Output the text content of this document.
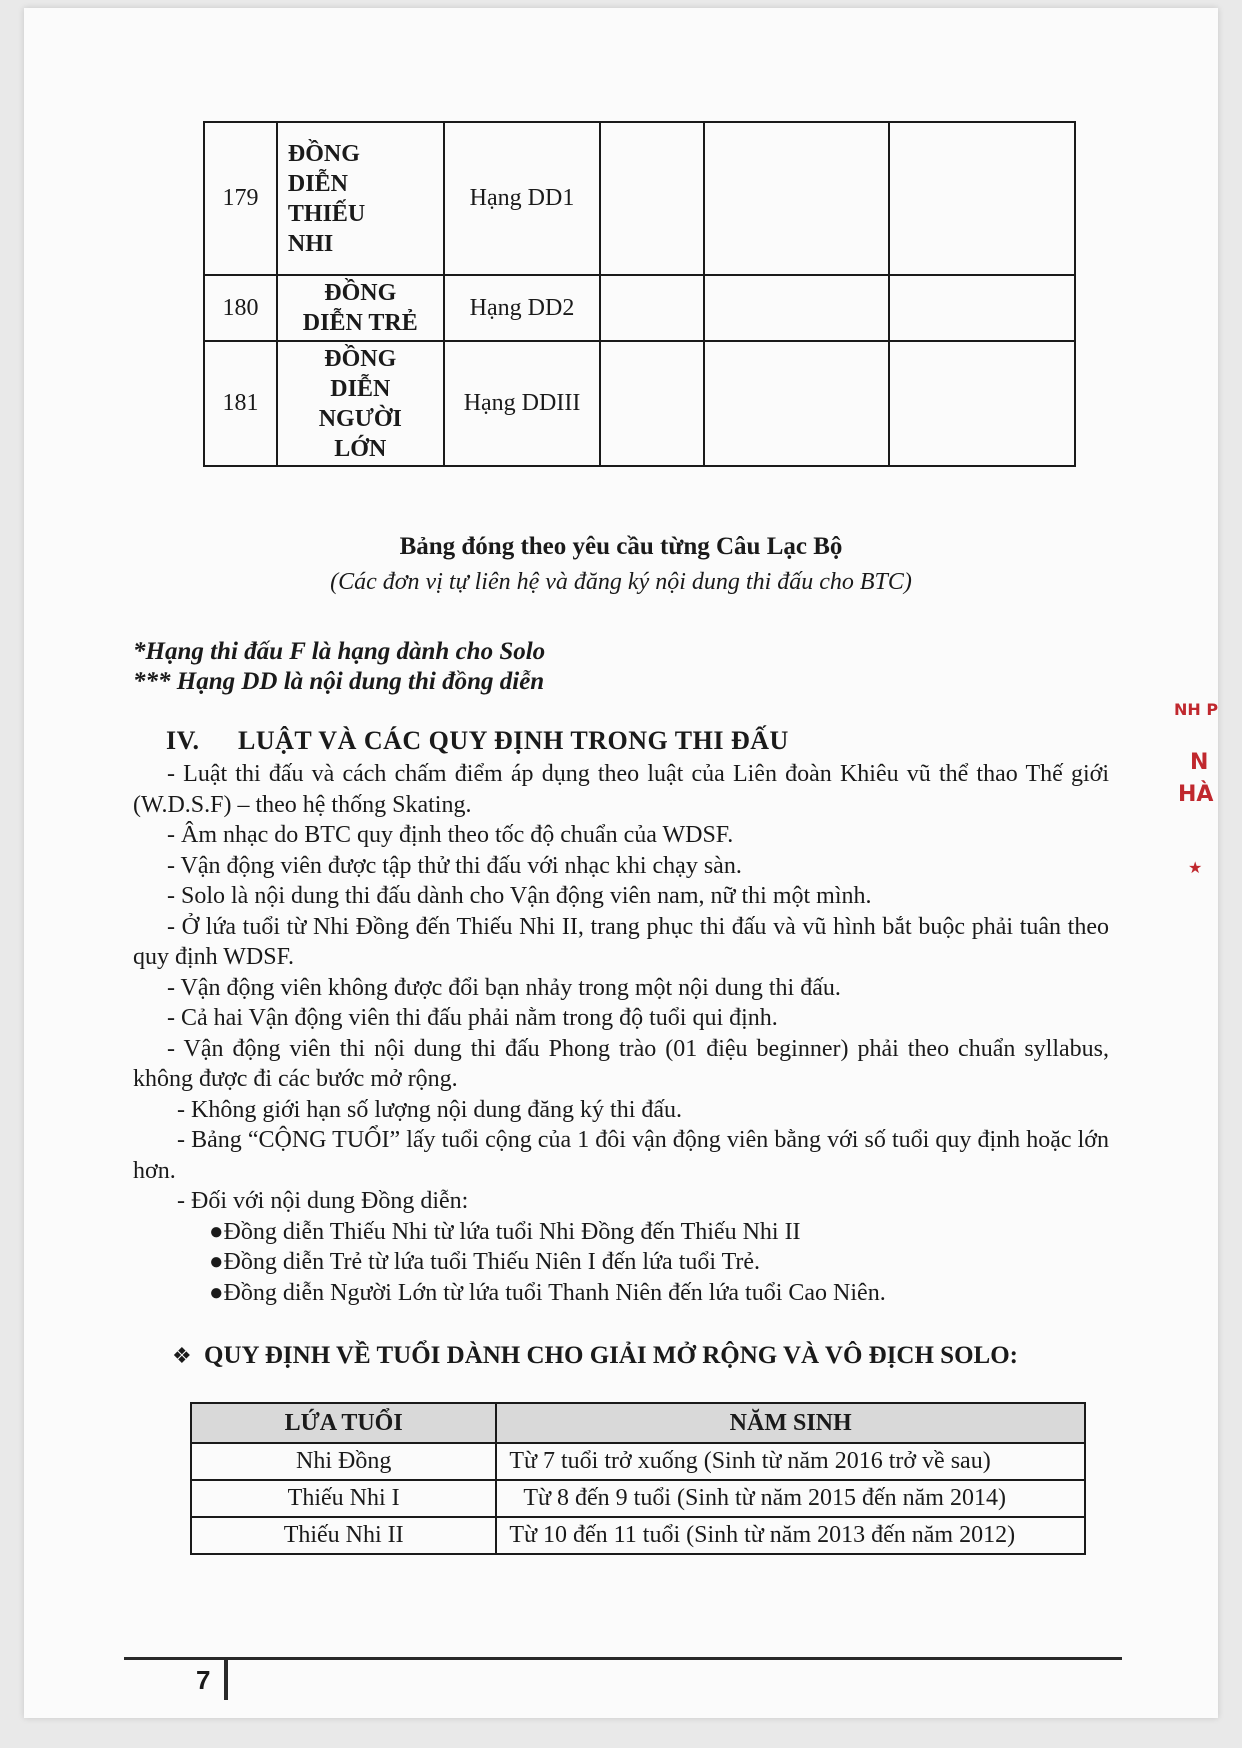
NH P
N
HÀ
★
179	ĐỒNG
DIỄN
THIẾU
NHI	Hạng DD1			
180	ĐỒNG
DIỄN TRẺ	Hạng DD2			
181	ĐỒNG
DIỄN
NGƯỜI
LỚN	Hạng DDIII			
Bảng đóng theo yêu cầu từng Câu Lạc Bộ
(Các đơn vị tự liên hệ và đăng ký nội dung thi đấu cho BTC)
*Hạng thi đấu F là hạng dành cho Solo
*** Hạng DD là nội dung thi đồng diễn
IV. LUẬT VÀ CÁC QUY ĐỊNH TRONG THI ĐẤU

- Luật thi đấu và cách chấm điểm áp dụng theo luật của Liên đoàn Khiêu vũ thể thao Thế giới (W.D.S.F) – theo hệ thống Skating.

- Âm nhạc do BTC quy định theo tốc độ chuẩn của WDSF.

- Vận động viên được tập thử thi đấu với nhạc khi chạy sàn.

- Solo là nội dung thi đấu dành cho Vận động viên nam, nữ thi một mình.

- Ở lứa tuổi từ Nhi Đồng đến Thiếu Nhi II, trang phục thi đấu và vũ hình bắt buộc phải tuân theo quy định WDSF.

- Vận động viên không được đổi bạn nhảy trong một nội dung thi đấu.

- Cả hai Vận động viên thi đấu phải nằm trong độ tuổi qui định.

- Vận động viên thi nội dung thi đấu Phong trào (01 điệu beginner) phải theo chuẩn syllabus, không được đi các bước mở rộng.

- Không giới hạn số lượng nội dung đăng ký thi đấu.

- Bảng “CỘNG TUỔI” lấy tuổi cộng của 1 đôi vận động viên bằng với số tuổi quy định hoặc lớn hơn.

- Đối với nội dung Đồng diễn:

●Đồng diễn Thiếu Nhi từ lứa tuổi Nhi Đồng đến Thiếu Nhi II

●Đồng diễn Trẻ từ lứa tuổi Thiếu Niên I đến lứa tuổi Trẻ.

●Đồng diễn Người Lớn từ lứa tuổi Thanh Niên đến lứa tuổi Cao Niên.

❖ QUY ĐỊNH VỀ TUỔI DÀNH CHO GIẢI MỞ RỘNG VÀ VÔ ĐỊCH SOLO:
LỨA TUỔI	NĂM SINH
Nhi Đồng	Từ 7 tuổi trở xuống (Sinh từ năm 2016 trở về sau)
Thiếu Nhi I	Từ 8 đến 9 tuổi (Sinh từ năm 2015 đến năm 2014)
Thiếu Nhi II	Từ 10 đến 11 tuổi (Sinh từ năm 2013 đến năm 2012)
7
